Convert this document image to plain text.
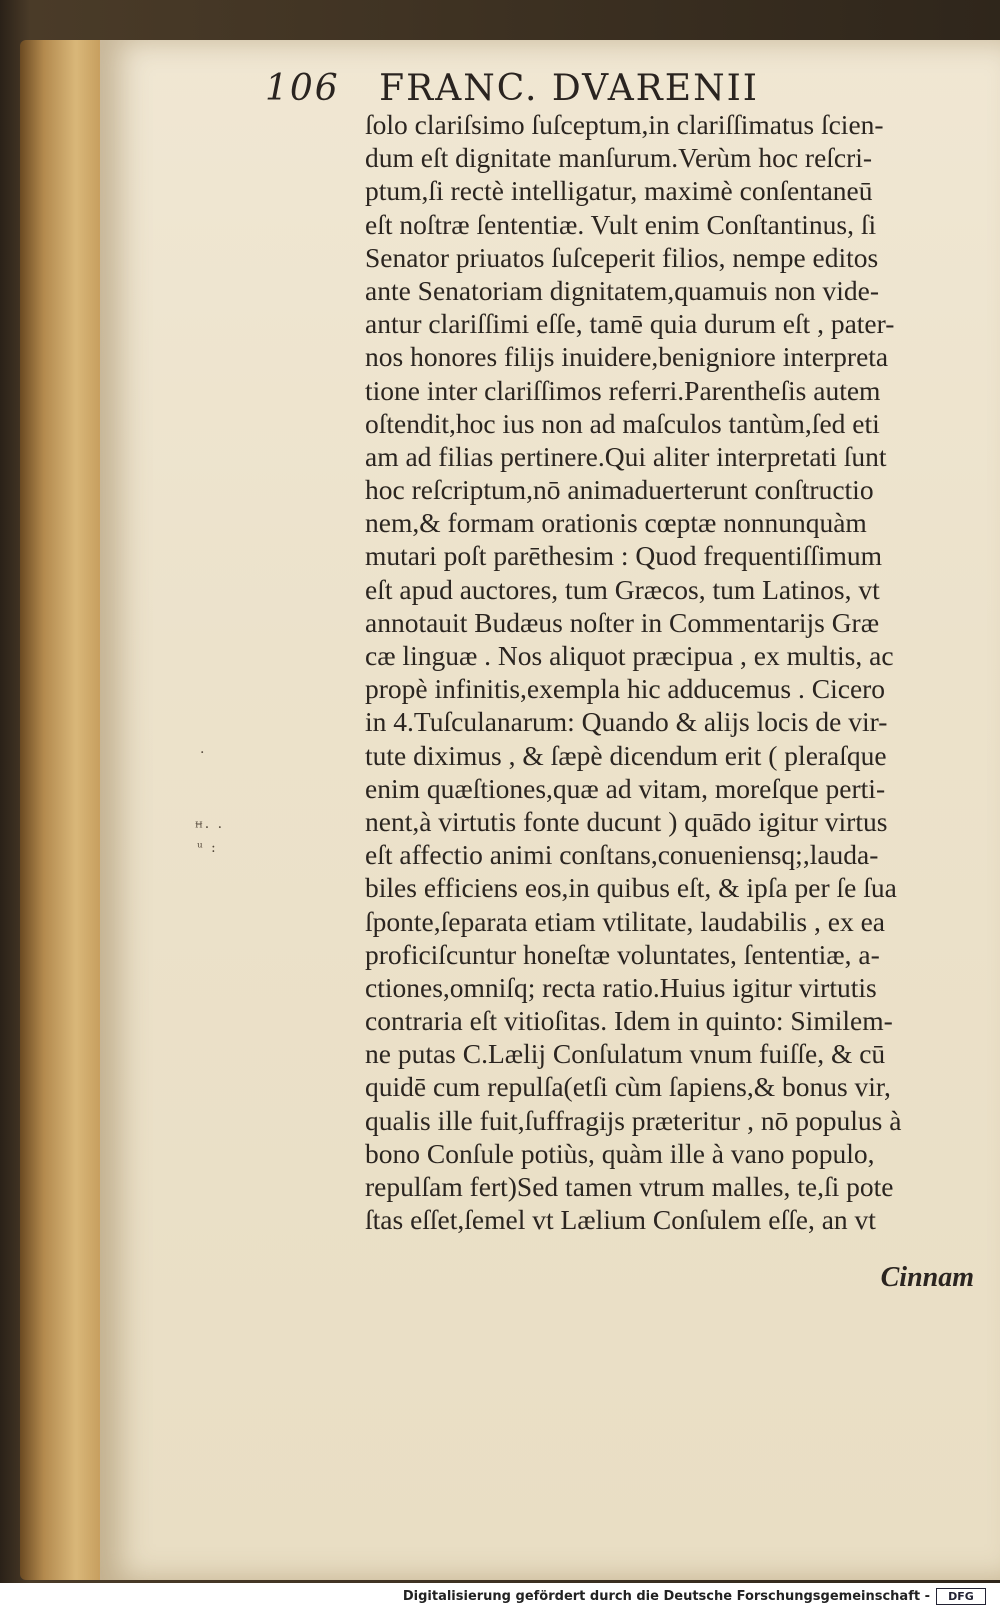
106 FRANC. DVARENII
ſolo clariſsimo ſuſceptum,in clariſſimatus ſcien-
dum eſt dignitate manſurum.Verùm hoc reſcri-
ptum,ſi rectè intelligatur, maximè conſentaneū
eſt noſtræ ſententiæ. Vult enim Conſtantinus, ſi
Senator priuatos ſuſceperit filios, nempe editos
ante Senatoriam dignitatem,quamuis non vide-
antur clariſſimi eſſe, tamē quia durum eſt , pater-
nos honores filijs inuidere,benigniore interpreta
tione inter clariſſimos referri.Parentheſis autem
oſtendit,hoc ius non ad maſculos tantùm,ſed eti
am ad filias pertinere.Qui aliter interpretati ſunt
hoc reſcriptum,nō animaduerterunt conſtructio
nem,& formam orationis cœptæ nonnunquàm
mutari poſt parēthesim : Quod frequentiſſimum
eſt apud auctores, tum Græcos, tum Latinos, vt
annotauit Budæus noſter in Commentarijs Græ
cæ linguæ . Nos aliquot præcipua , ex multis, ac
propè infinitis,exempla hic adducemus . Cicero
in 4.Tuſculanarum: Quando & alijs locis de vir-
tute diximus , & ſæpè dicendum erit ( pleraſque
enim quæſtiones,quæ ad vitam, moreſque perti-
nent,à virtutis fonte ducunt ) quādo igitur virtus
eſt affectio animi conſtans,conueniensq;,lauda-
biles efficiens eos,in quibus eſt, & ipſa per ſe ſua
ſponte,ſeparata etiam vtilitate, laudabilis , ex ea
proficiſcuntur honeſtæ voluntates, ſententiæ, a-
ctiones,omniſq; recta ratio.Huius igitur virtutis
contraria eſt vitioſitas. Idem in quinto: Similem-
ne putas C.Lælij Conſulatum vnum fuiſſe, & cū
quidē cum repulſa(etſi cùm ſapiens,& bonus vir,
qualis ille fuit,ſuffragijs præteritur , nō populus à
bono Conſule potiùs, quàm ille à vano populo,
repulſam fert)Sed tamen vtrum malles, te,ſi pote
ſtas eſſet,ſemel vt Lælium Conſulem eſſe, an vt
Cinnam
·
ꟸ· ·
ᵘ :
Digitalisierung gefördert durch die Deutsche Forschungsgemeinschaft -	DFG
